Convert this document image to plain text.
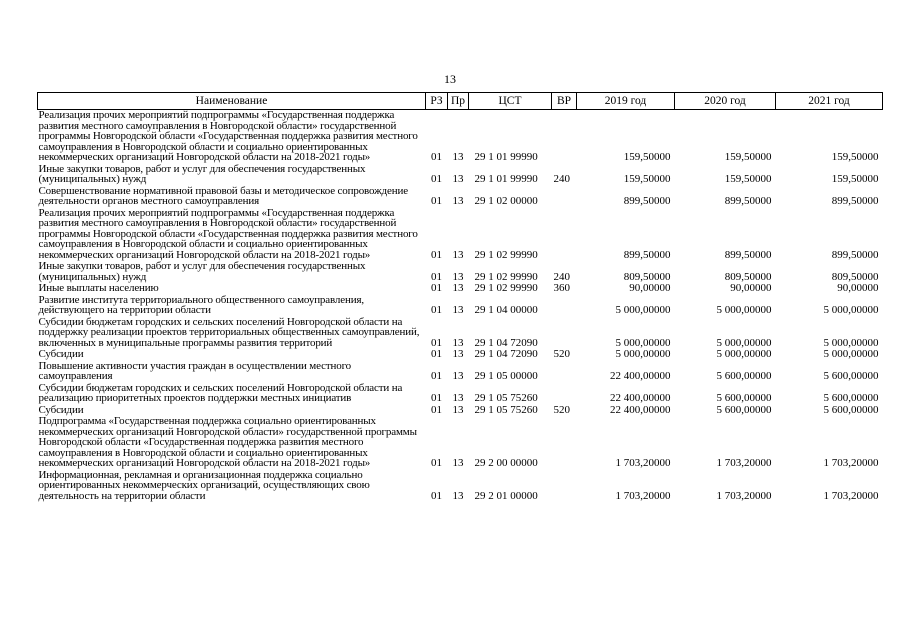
13
Наименование	РЗ	Пр	ЦСТ	ВР	2019 год	2020 год	2021 год
Реализация прочих мероприятий подпрограммы «Государственная поддержка развития местного самоуправления в Новгородской области» государственной программы Новгородской области «Государственная поддержка развития местного самоуправления в Новгородской области и социально ориентированных некоммерческих организаций Новгородской области на 2018-2021 годы»	01	13	29 1 01 99990		159,50000	159,50000	159,50000
Иные закупки товаров, работ и услуг для обеспечения государственных (муниципальных) нужд	01	13	29 1 01 99990	240	159,50000	159,50000	159,50000
Совершенствование нормативной правовой базы и методическое сопровождение деятельности органов местного самоуправления	01	13	29 1 02 00000		899,50000	899,50000	899,50000
Реализация прочих мероприятий подпрограммы «Государственная поддержка развития местного самоуправления в Новгородской области» государственной программы Новгородской области «Государственная поддержка развития местного самоуправления в Новгородской области и социально ориентированных некоммерческих организаций Новгородской области на 2018-2021 годы»	01	13	29 1 02 99990		899,50000	899,50000	899,50000
Иные закупки товаров, работ и услуг для обеспечения государственных (муниципальных) нужд	01	13	29 1 02 99990	240	809,50000	809,50000	809,50000
Иные выплаты населению	01	13	29 1 02 99990	360	90,00000	90,00000	90,00000
Развитие института территориального общественного самоуправления, действующего на территории области	01	13	29 1 04 00000		5 000,00000	5 000,00000	5 000,00000
Субсидии бюджетам городских и сельских поселений Новгородской области на поддержку реализации проектов территориальных общественных самоуправлений, включенных в муниципальные программы развития территорий	01	13	29 1 04 72090		5 000,00000	5 000,00000	5 000,00000
Субсидии	01	13	29 1 04 72090	520	5 000,00000	5 000,00000	5 000,00000
Повышение активности участия граждан в осуществлении местного самоуправления	01	13	29 1 05 00000		22 400,00000	5 600,00000	5 600,00000
Субсидии бюджетам городских и сельских поселений Новгородской области на реализацию приоритетных проектов поддержки местных инициатив	01	13	29 1 05 75260		22 400,00000	5 600,00000	5 600,00000
Субсидии	01	13	29 1 05 75260	520	22 400,00000	5 600,00000	5 600,00000
Подпрограмма «Государственная поддержка социально ориентированных некоммерческих организаций Новгородской области» государственной программы Новгородской области «Государственная поддержка развития местного самоуправления в Новгородской области и социально ориентированных некоммерческих организаций Новгородской области на 2018-2021 годы»	01	13	29 2 00 00000		1 703,20000	1 703,20000	1 703,20000
Информационная, рекламная и организационная поддержка социально ориентированных некоммерческих организаций, осуществляющих свою деятельность на территории области	01	13	29 2 01 00000		1 703,20000	1 703,20000	1 703,20000
